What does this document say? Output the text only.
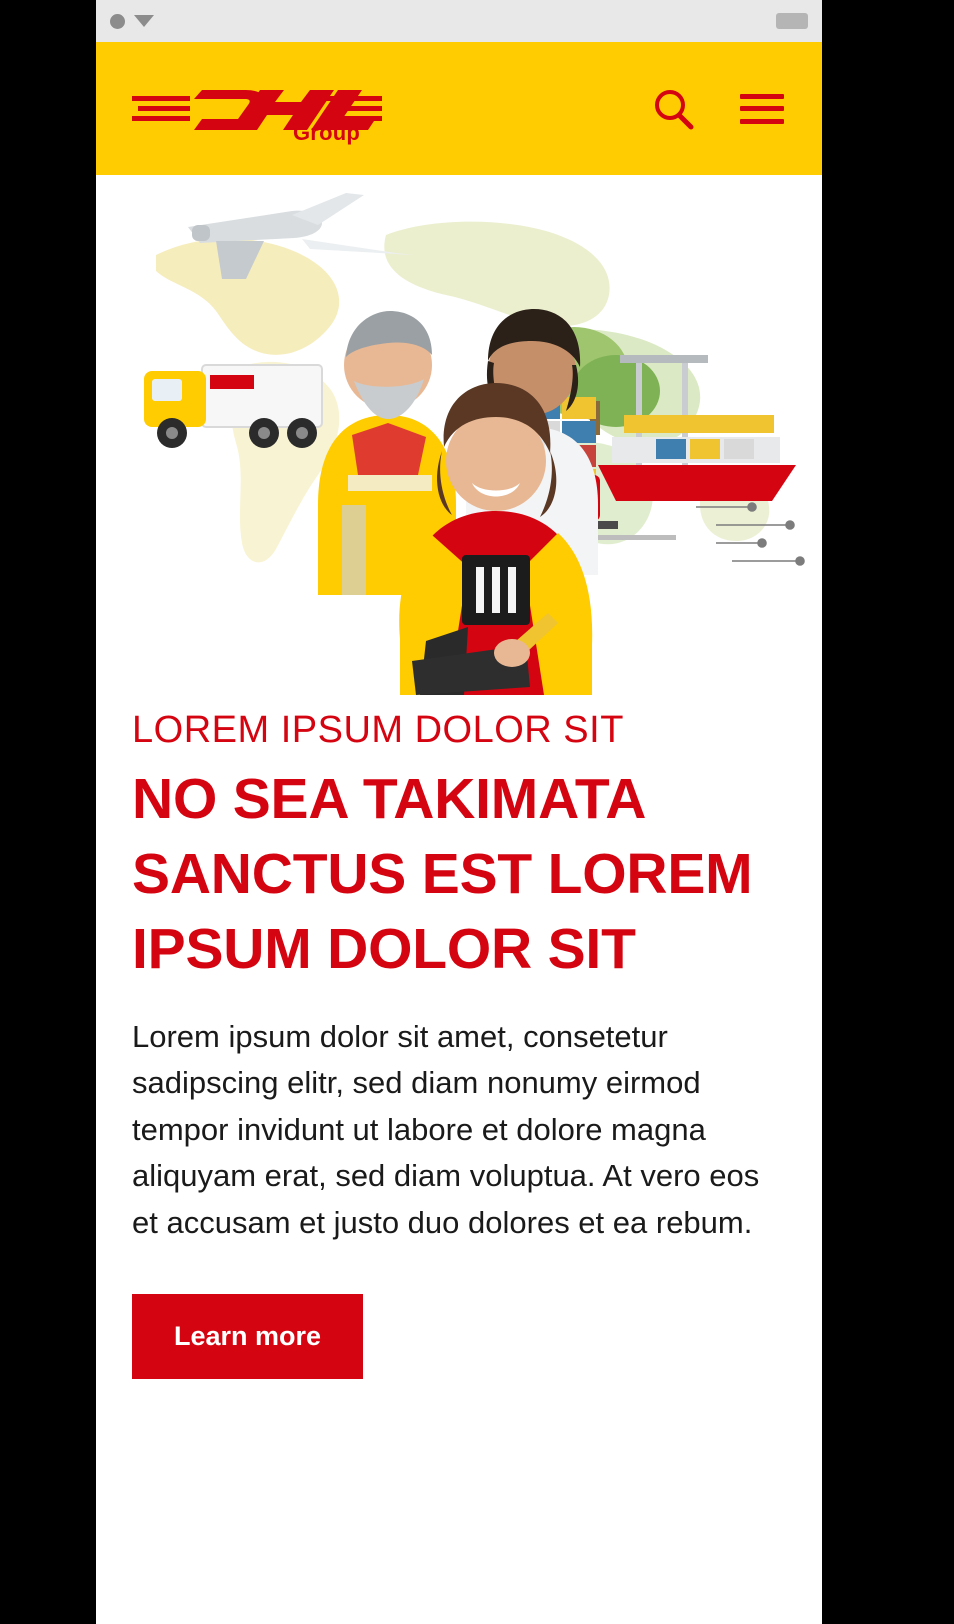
Group
LOREM IPSUM DOLOR SIT
NO SEA TAKIMATA SANCTUS EST LOREM IPSUM DOLOR SIT

Lorem ipsum dolor sit amet, consetetur sadipscing elitr, sed diam nonumy eirmod tempor invidunt ut labore et dolore magna aliquyam erat, sed diam voluptua. At vero eos et accusam et justo duo dolores et ea rebum.

Learn more
